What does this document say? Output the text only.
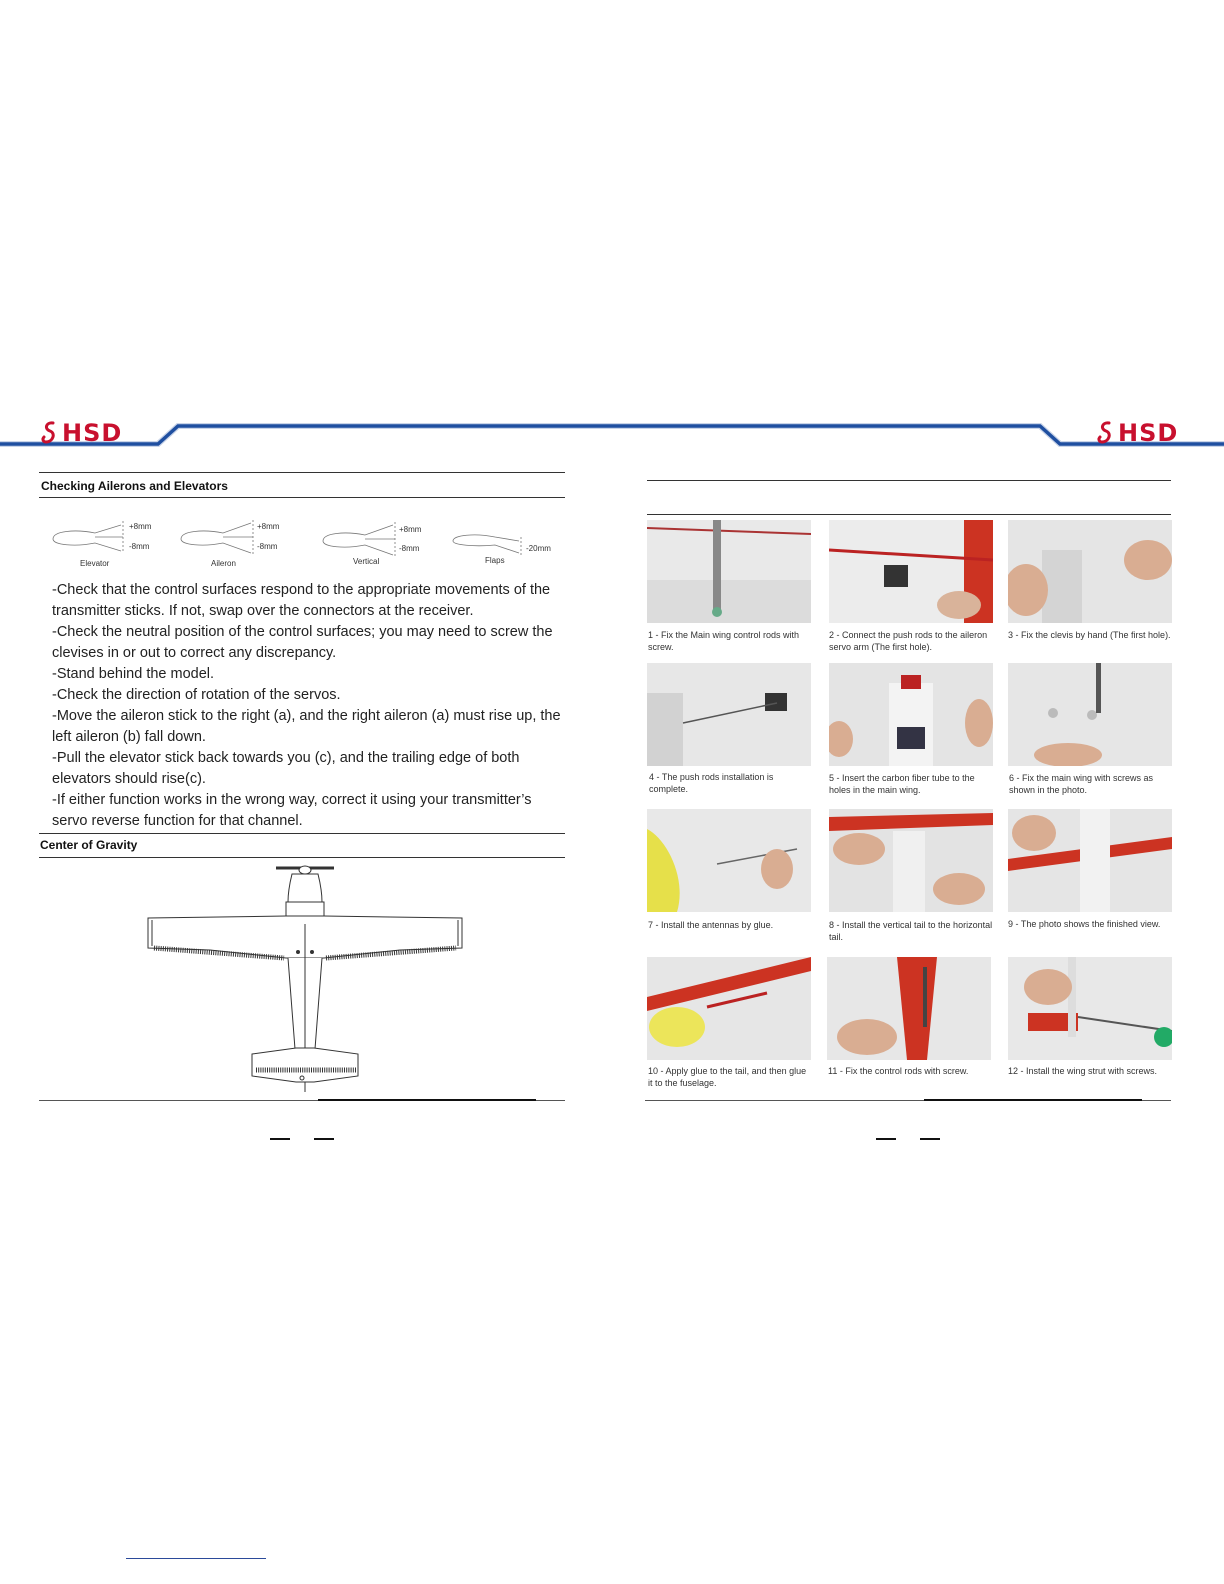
HSD	HSD
Checking Ailerons and Elevators
+8mm
-8mm
Elevator
+8mm
-8mm
Aileron
+8mm
-8mm
Vertical
-20mm
Flaps

-Check that the control surfaces respond to the appropriate movements of the transmitter sticks. If not, swap over the connectors at the receiver.

-Check the neutral position of the control surfaces; you may need to screw the clevises in or out to correct any discrepancy.

-Stand behind the model.

-Check the direction of rotation of the servos.

-Move the aileron stick to the right (a), and the right aileron (a) must rise up, the left aileron (b) fall down.

-Pull the elevator stick back towards you (c), and the trailing edge of both elevators should rise(c).

-If either function works in the wrong way, correct it using your transmitter’s servo reverse function for that channel.

Center of Gravity
1 - Fix the Main wing control rods with screw.
2 - Connect the push rods to the aileron servo arm (The first hole).
3 - Fix the clevis by hand (The first hole).
4 - The push rods installation is complete.
5 - Insert the carbon fiber tube to the holes in the main wing.
6 - Fix the main wing with screws as shown in the photo.
7 - Install the antennas by glue.	8 - Install the vertical tail to the horizontal tail.
9 - The photo shows the finished view.
10 - Apply glue to the tail, and then glue it to the fuselage.
11 - Fix the control rods with screw.	12 - Install the wing strut with screws.
